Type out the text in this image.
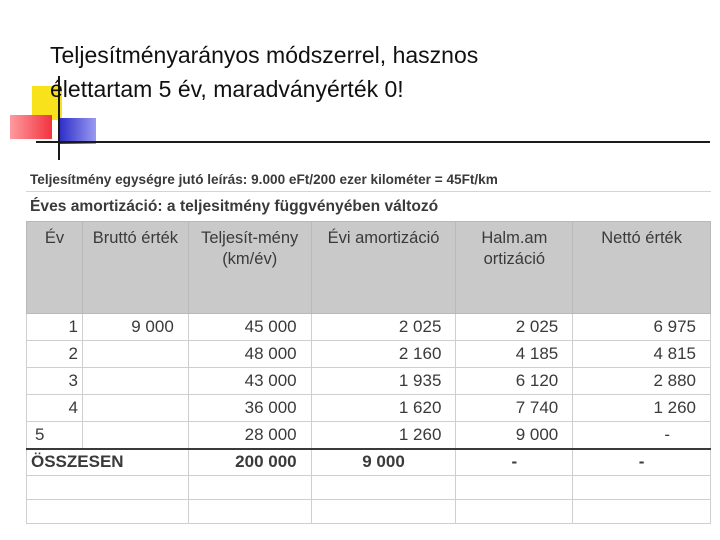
Teljesítményarányos módszerrel, hasznos
élettartam 5 év, maradványérték 0!
Teljesítmény egységre jutó leírás: 9.000 eFt/200 ezer kilométer = 45Ft/km
Éves amortizáció: a teljesitmény függvényében változó
Év	Bruttó érték	Teljesít-mény (km/év)	Évi amortizáció	Halm.am ortizáció	Nettó érték
1	9 000	45 000	2 025	2 025	6 975
2		48 000	2 160	4 185	4 815
3		43 000	1 935	6 120	2 880
4		36 000	1 620	7 740	1 260
5		28 000	1 260	9 000	-
ÖSSZESEN		200 000	9 000	-	-
